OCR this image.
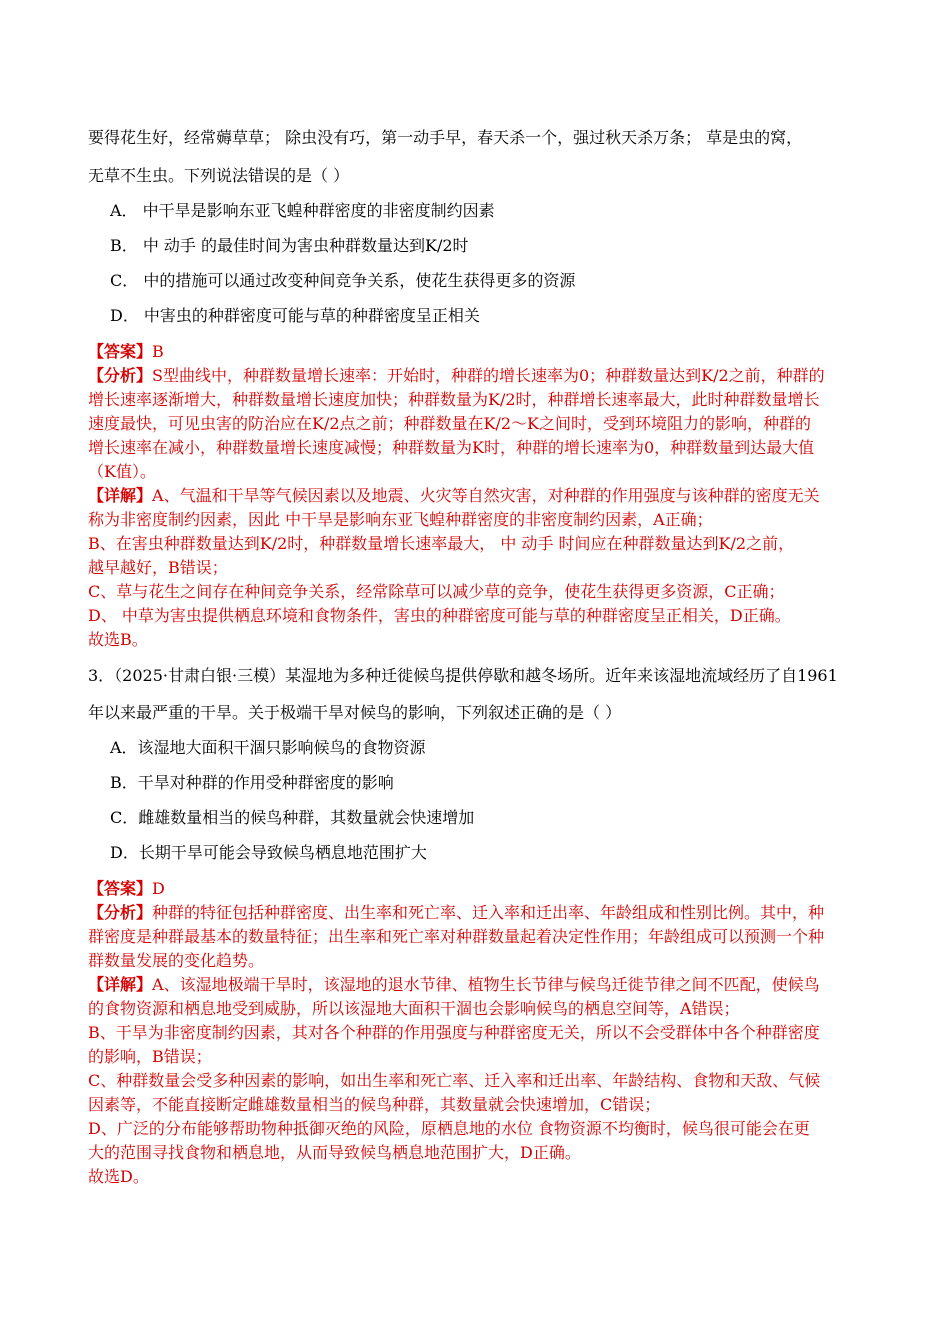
要得花生好，经常薅草草； 除虫没有巧，第一动手早，春天杀一个，强过秋天杀万条； 草是虫的窝，
无草不生虫。下列说法错误的是（ ）
A． 中干旱是影响东亚飞蝗种群密度的非密度制约因素
B． 中 动手 的最佳时间为害虫种群数量达到K/2时
C． 中的措施可以通过改变种间竞争关系，使花生获得更多的资源
D． 中害虫的种群密度可能与草的种群密度呈正相关

【答案】B

【分析】S型曲线中，种群数量增长速率：开始时，种群的增长速率为0；种群数量达到K/2之前，种群的

增长速率逐渐增大，种群数量增长速度加快；种群数量为K/2时，种群增长速率最大，此时种群数量增长

速度最快，可见虫害的防治应在K/2点之前；种群数量在K/2～K之间时，受到环境阻力的影响，种群的

增长速率在减小，种群数量增长速度减慢；种群数量为K时，种群的增长速率为0，种群数量到达最大值

（K值）。

【详解】A、气温和干旱等气候因素以及地震、火灾等自然灾害，对种群的作用强度与该种群的密度无关

称为非密度制约因素，因此 中干旱是影响东亚飞蝗种群密度的非密度制约因素，A正确；

B、在害虫种群数量达到K/2时，种群数量增长速率最大， 中 动手 时间应在种群数量达到K/2之前，

越早越好，B错误；

C、草与花生之间存在种间竞争关系，经常除草可以减少草的竞争，使花生获得更多资源，C正确；

D、 中草为害虫提供栖息环境和食物条件，害虫的种群密度可能与草的种群密度呈正相关，D正确。

故选B。

3．（2025·甘肃白银·三模）某湿地为多种迁徙候鸟提供停歇和越冬场所。近年来该湿地流域经历了自1961
年以来最严重的干旱。关于极端干旱对候鸟的影响，下列叙述正确的是（ ）
A．该湿地大面积干涸只影响候鸟的食物资源
B．干旱对种群的作用受种群密度的影响
C．雌雄数量相当的候鸟种群，其数量就会快速增加
D．长期干旱可能会导致候鸟栖息地范围扩大

【答案】D

【分析】种群的特征包括种群密度、出生率和死亡率、迁入率和迁出率、年龄组成和性别比例。其中，种

群密度是种群最基本的数量特征；出生率和死亡率对种群数量起着决定性作用；年龄组成可以预测一个种

群数量发展的变化趋势。

【详解】A、该湿地极端干旱时，该湿地的退水节律、植物生长节律与候鸟迁徙节律之间不匹配，使候鸟

的食物资源和栖息地受到威胁，所以该湿地大面积干涸也会影响候鸟的栖息空间等，A错误；

B、干旱为非密度制约因素，其对各个种群的作用强度与种群密度无关，所以不会受群体中各个种群密度

的影响，B错误；

C、种群数量会受多种因素的影响，如出生率和死亡率、迁入率和迁出率、年龄结构、食物和天敌、气候

因素等，不能直接断定雌雄数量相当的候鸟种群，其数量就会快速增加，C错误；

D、广泛的分布能够帮助物种抵御灭绝的风险，原栖息地的水位 食物资源不均衡时，候鸟很可能会在更

大的范围寻找食物和栖息地，从而导致候鸟栖息地范围扩大，D正确。

故选D。
